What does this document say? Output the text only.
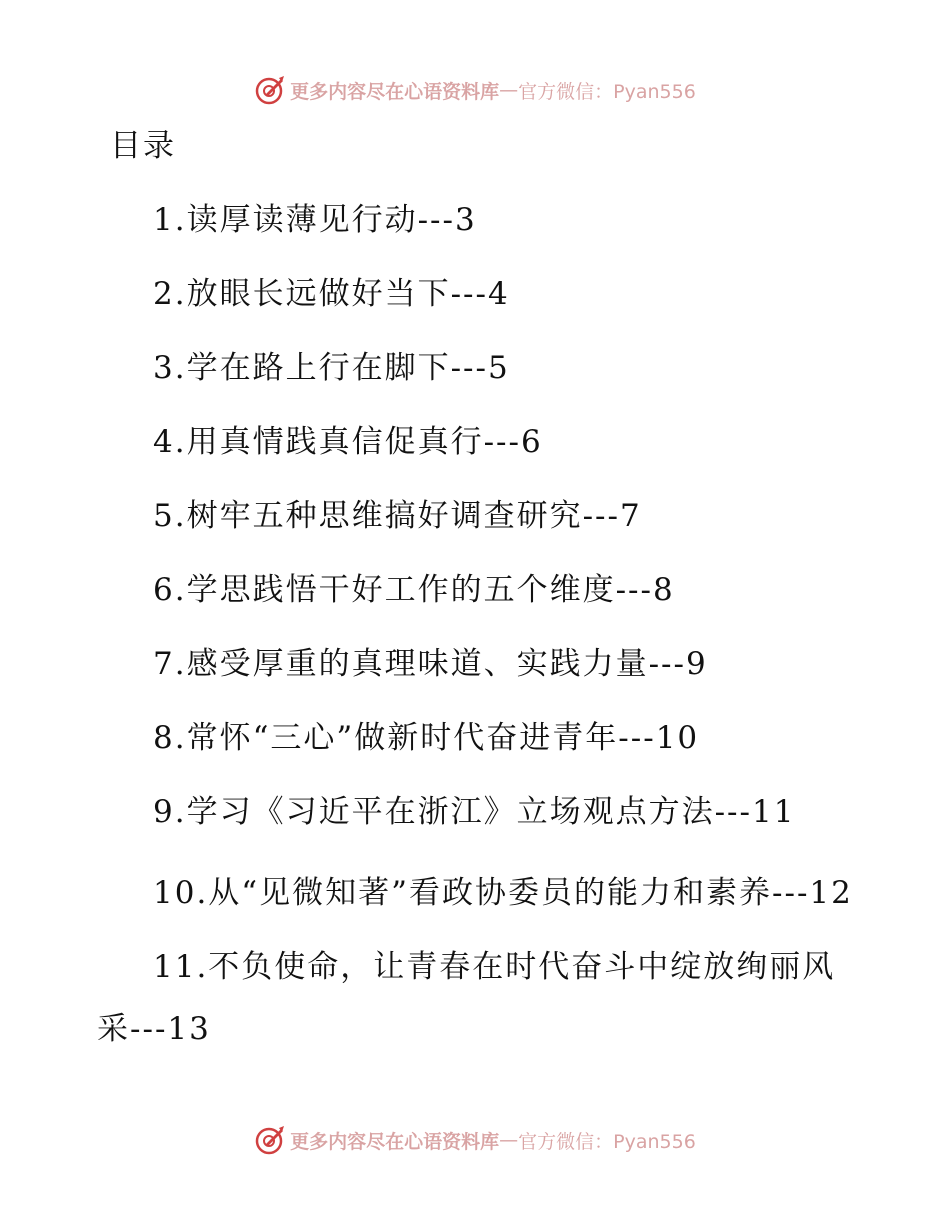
更多内容尽在心语资料库 — 官方微信：Pyan556
目录
1.读厚读薄见行动---3
2.放眼长远做好当下---4
3.学在路上行在脚下---5
4.用真情践真信促真行---6
5.树牢五种思维搞好调查研究---7
6.学思践悟干好工作的五个维度---8
7.感受厚重的真理味道、实践力量---9
8.常怀“三心”做新时代奋进青年---10
9.学习《习近平在浙江》立场观点方法---11
10.从“见微知著”看政协委员的能力和素养---12
11.不负使命，让青春在时代奋斗中绽放绚丽风采---13
更多内容尽在心语资料库 — 官方微信：Pyan556
